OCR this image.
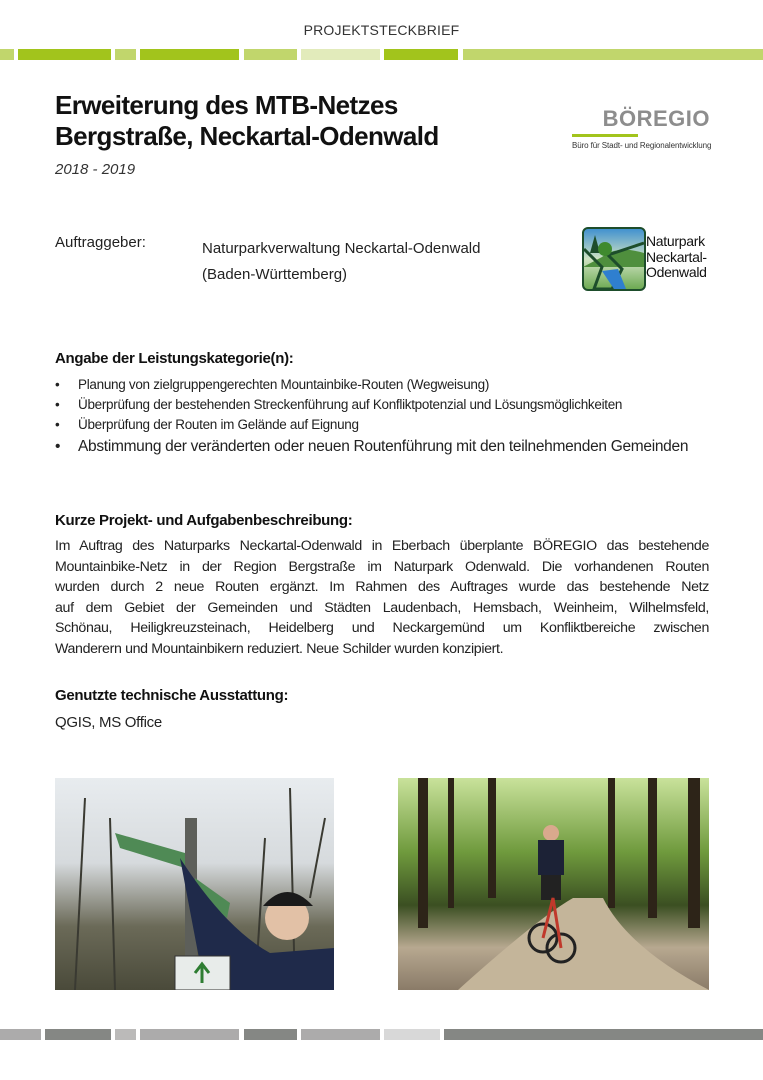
PROJEKTSTECKBRIEF
Erweiterung des MTB-Netzes
Bergstraße, Neckartal-Odenwald
2018 - 2019
BÖREGIO
Büro für Stadt- und Regionalentwicklung
Auftraggeber:	Naturparkverwaltung Neckartal-Odenwald
(Baden-Württemberg)
Naturpark
Neckartal-
Odenwald
Angabe der Leistungskategorie(n):
• Planung von zielgruppengerechten Mountainbike-Routen (Wegweisung)
• Überprüfung der bestehenden Streckenführung auf Konfliktpotenzial und Lösungsmöglichkeiten
• Überprüfung der Routen im Gelände auf Eignung
• Abstimmung der veränderten oder neuen Routenführung mit den teilnehmenden Gemeinden
Kurze Projekt- und Aufgabenbeschreibung:
Im Auftrag des Naturparks Neckartal-Odenwald in Eberbach überplante BÖREGIO das bestehende
Mountainbike-Netz in der Region Bergstraße im Naturpark Odenwald. Die vorhandenen Routen
wurden durch 2 neue Routen ergänzt. Im Rahmen des Auftrages wurde das bestehende Netz
auf dem Gebiet der Gemeinden und Städten Laudenbach, Hemsbach, Weinheim, Wilhelmsfeld,
Schönau, Heiligkreuzsteinach, Heidelberg und Neckargemünd um Konfliktbereiche zwischen
Wanderern und Mountainbikern reduziert. Neue Schilder wurden konzipiert.
Genutzte technische Ausstattung:
QGIS, MS Office
